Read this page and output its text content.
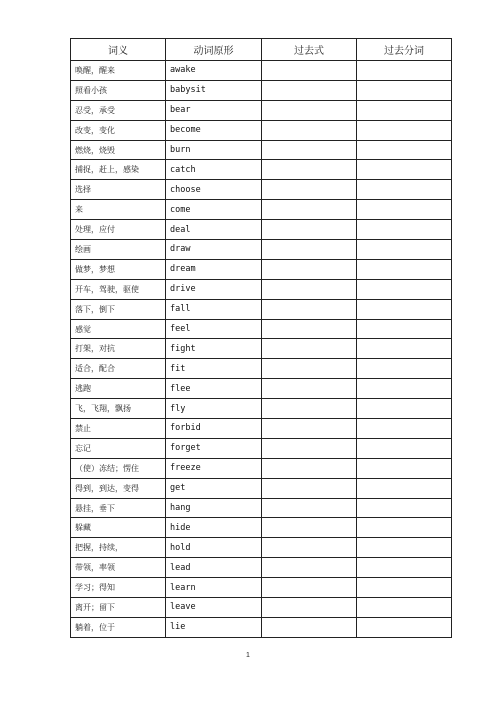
词义	动词原形	过去式	过去分词
唤醒，醒来	awake		
照看小孩	babysit		
忍受，承受	bear		
改变，变化	become		
燃烧，烧毁	burn		
捕捉，赶上，感染	catch		
选择	choose		
来	come		
处理，应付	deal		
绘画	draw		
做梦，梦想	dream		
开车，驾驶，驱使	drive		
落下，倒下	fall		
感觉	feel		
打架，对抗	fight		
适合，配合	fit		
逃跑	flee		
飞，飞翔，飘扬	fly		
禁止	forbid		
忘记	forget		
（使）冻结；愣住	freeze		
得到，到达，变得	get		
悬挂，垂下	hang		
躲藏	hide		
把握，持续，	hold		
带领，率领	lead		
学习；得知	learn		
离开；留下	leave		
躺着，位于	lie		
1
